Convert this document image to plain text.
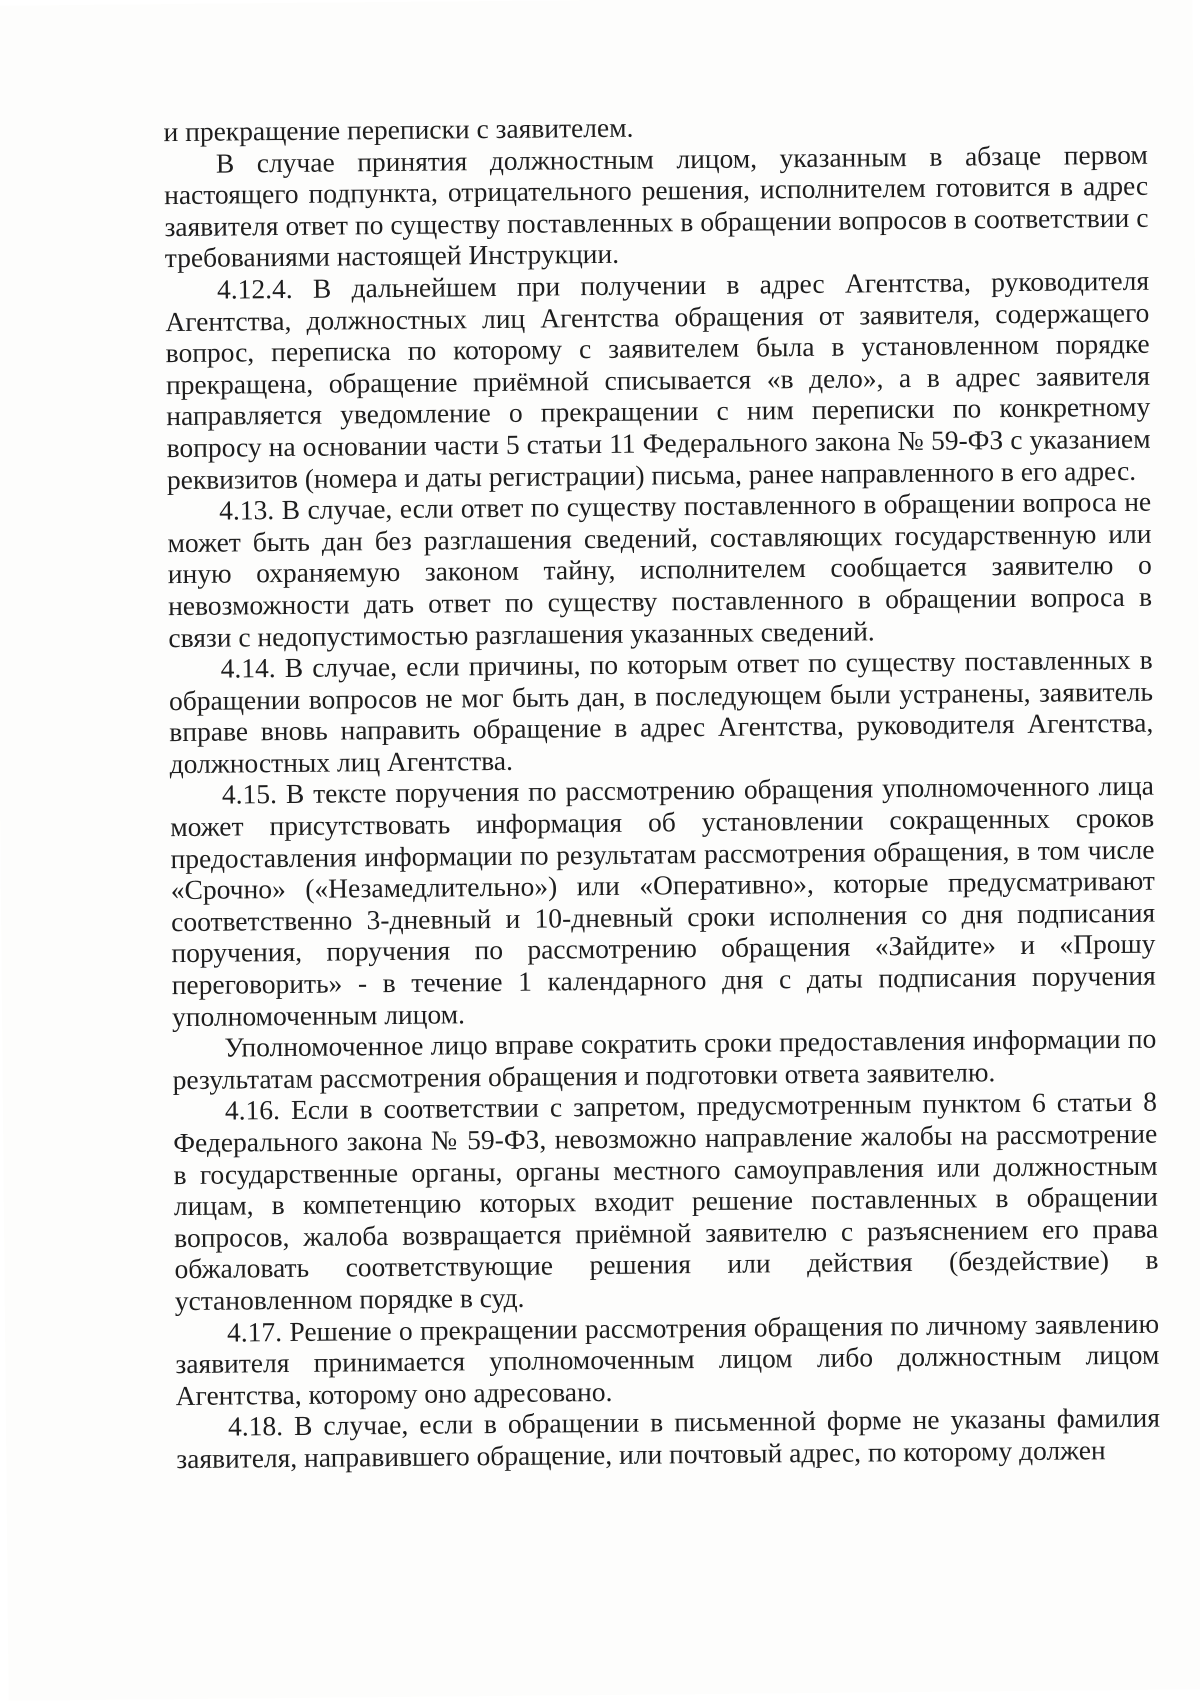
и прекращение переписки с заявителем.

В случае принятия должностным лицом, указанным в абзаце первом настоящего подпункта, отрицательного решения, исполнителем готовится в адрес заявителя ответ по существу поставленных в обращении вопросов в соответствии с требованиями настоящей Инструкции.

4.12.4. В дальнейшем при получении в адрес Агентства, руководителя Агентства, должностных лиц Агентства обращения от заявителя, содержащего вопрос, переписка по которому с заявителем была в установленном порядке прекращена, обращение приёмной списывается «в дело», а в адрес заявителя направляется уведомление о прекращении с ним переписки по конкретному вопросу на основании части 5 статьи 11 Федерального закона № 59-ФЗ с указанием реквизитов (номера и даты регистрации) письма, ранее направленного в его адрес.

4.13. В случае, если ответ по существу поставленного в обращении вопроса не может быть дан без разглашения сведений, составляющих государственную или иную охраняемую законом тайну, исполнителем сообщается заявителю о невозможности дать ответ по существу поставленного в обращении вопроса в связи с недопустимостью разглашения указанных сведений.

4.14. В случае, если причины, по которым ответ по существу поставленных в обращении вопросов не мог быть дан, в последующем были устранены, заявитель вправе вновь направить обращение в адрес Агентства, руководителя Агентства, должностных лиц Агентства.

4.15. В тексте поручения по рассмотрению обращения уполномоченного лица может присутствовать информация об установлении сокращенных сроков предоставления информации по результатам рассмотрения обращения, в том числе «Срочно» («Незамедлительно») или «Оперативно», которые предусматривают соответственно 3-дневный и 10-дневный сроки исполнения со дня подписания поручения, поручения по рассмотрению обращения «Зайдите» и «Прошу переговорить» - в течение 1 календарного дня с даты подписания поручения уполномоченным лицом.

Уполномоченное лицо вправе сократить сроки предоставления информации по результатам рассмотрения обращения и подготовки ответа заявителю.

4.16. Если в соответствии с запретом, предусмотренным пунктом 6 статьи 8 Федерального закона № 59-ФЗ, невозможно направление жалобы на рассмотрение в государственные органы, органы местного самоуправления или должностным лицам, в компетенцию которых входит решение поставленных в обращении вопросов, жалоба возвращается приёмной заявителю с разъяснением его права обжаловать соответствующие решения или действия (бездействие) в установленном порядке в суд.

4.17. Решение о прекращении рассмотрения обращения по личному заявлению заявителя принимается уполномоченным лицом либо должностным лицом Агентства, которому оно адресовано.

4.18. В случае, если в обращении в письменной форме не указаны фамилия заявителя, направившего обращение, или почтовый адрес, по которому должен
